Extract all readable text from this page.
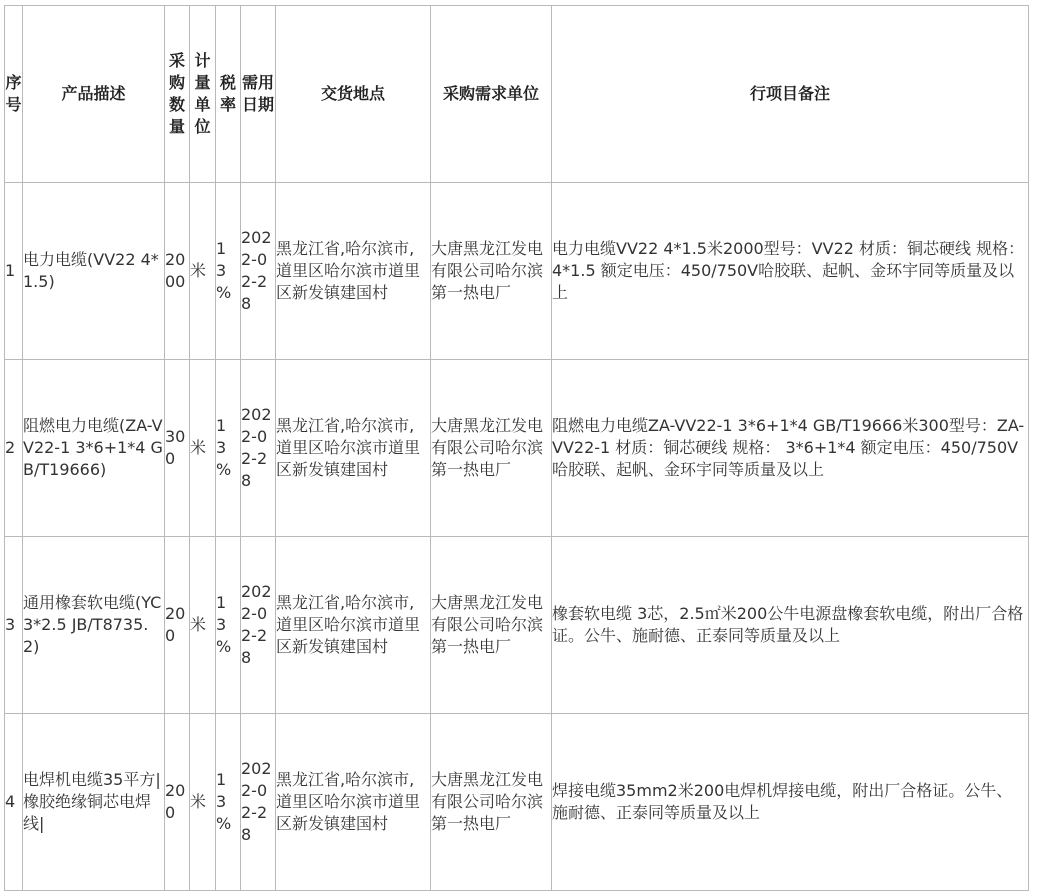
序号	产品描述	采购数量	计量单位	税率	需用日期	交货地点	采购需求单位	行项目备注
1	电力电缆(VV22 4*1.5)	2000	米	13%	2022-02-28	黑龙江省,哈尔滨市,道里区哈尔滨市道里区新发镇建国村	大唐黑龙江发电有限公司哈尔滨第一热电厂	电力电缆VV22 4*1.5米2000型号：VV22 材质：铜芯硬线 规格： 4*1.5 额定电压：450/750V哈胶联、起帆、金环宇同等质量及以上
2	阻燃电力电缆(ZA-VV22-1 3*6+1*4 GB/T19666)	300	米	13%	2022-02-28	黑龙江省,哈尔滨市,道里区哈尔滨市道里区新发镇建国村	大唐黑龙江发电有限公司哈尔滨第一热电厂	阻燃电力电缆ZA-VV22-1 3*6+1*4 GB/T19666米300型号：ZA-VV22-1 材质：铜芯硬线 规格： 3*6+1*4 额定电压：450/750V哈胶联、起帆、金环宇同等质量及以上
3	通用橡套软电缆(YC 3*2.5 JB/T8735.2)	200	米	13%	2022-02-28	黑龙江省,哈尔滨市,道里区哈尔滨市道里区新发镇建国村	大唐黑龙江发电有限公司哈尔滨第一热电厂	橡套软电缆 3芯，2.5㎡米200公牛电源盘橡套软电缆，附出厂合格证。公牛、施耐德、正泰同等质量及以上
4	电焊机电缆35平方|橡胶绝缘铜芯电焊线|	200	米	13%	2022-02-28	黑龙江省,哈尔滨市,道里区哈尔滨市道里区新发镇建国村	大唐黑龙江发电有限公司哈尔滨第一热电厂	焊接电缆35mm2米200电焊机焊接电缆，附出厂合格证。公牛、施耐德、正泰同等质量及以上
